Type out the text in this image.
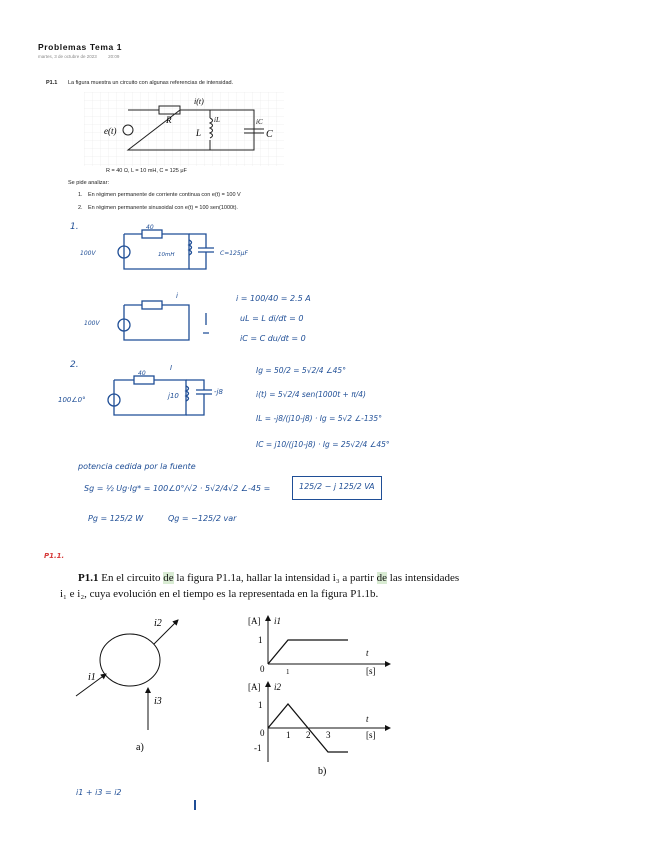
Problemas Tema 1
martes, 3 de octubre de 2023	20:09
P1.1 La figura muestra un circuito con algunas referencias de intensidad.
e(t)
R
i(t)
iL
L
iC
C
R = 40 Ω, L = 10 mH, C = 125 μF
Se pide analizar:
1. En régimen permanente de corriente continua con e(t) = 100 V
2. En régimen permanente sinusoidal con e(t) = 100 sen(1000t).
1.
100V
40
10mH	C=125μF
100V
i	i = 100/40 = 2.5 A
uL = L di/dt = 0
iC = C du/dt = 0
2.
100∠0°
40
I
j10	-j8
Ig = 50/2 = 5√2/4 ∠45°
i(t) = 5√2/4 sen(1000t + π/4)
IL = -j8/(j10-j8) · Ig = 5√2 ∠-135°
IC = j10/(j10-j8) · Ig = 25√2/4 ∠45°
potencia cedida por la fuente
Sg = ½ Ug·Ig* = 100∠0°/√2 · 5√2/4√2 ∠-45 =	125/2 − j 125/2 VA
Pg = 125/2 W	Qg = −125/2 var
P1.1.
P1.1 En el circuito de la figura P1.1a, hallar la intensidad i₃ a partir de las intensidades
i₁ e i₂, cuya evolución en el tiempo es la representada en la figura P1.1b.
i1
i2
i3
a)
[A] i1
t
[s]
1
0	1
[A] i2
t
[s]
1
0
-1
1 2 3
b)
i1 + i3 = i2
